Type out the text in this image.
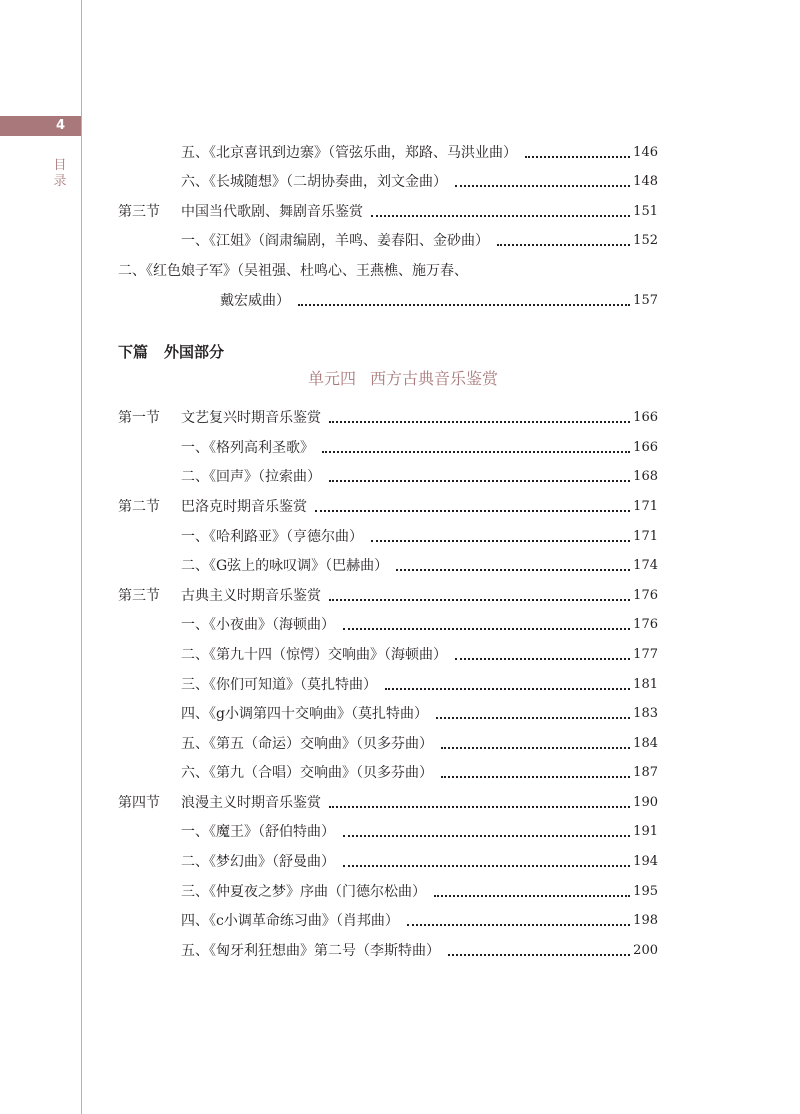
4
目
录
五、《北京喜讯到边寨》（管弦乐曲，郑路、马洪业曲）	146
六、《长城随想》（二胡协奏曲，刘文金曲）	148
第三节	中国当代歌剧、舞剧音乐鉴赏	151
一、《江姐》（阎肃编剧，羊鸣、姜春阳、金砂曲）	152
二、《红色娘子军》（吴祖强、杜鸣心、王燕樵、施万春、
戴宏威曲）	157
下篇 外国部分
单元四 西方古典音乐鉴赏
第一节	文艺复兴时期音乐鉴赏	166
一、《格列高利圣歌》	166
二、《回声》（拉索曲）	168
第二节	巴洛克时期音乐鉴赏	171
一、《哈利路亚》（亨德尔曲）	171
二、《G弦上的咏叹调》（巴赫曲）	174
第三节	古典主义时期音乐鉴赏	176
一、《小夜曲》（海顿曲）	176
二、《第九十四（惊愕）交响曲》（海顿曲）	177
三、《你们可知道》（莫扎特曲）	181
四、《g小调第四十交响曲》（莫扎特曲）	183
五、《第五（命运）交响曲》（贝多芬曲）	184
六、《第九（合唱）交响曲》（贝多芬曲）	187
第四节	浪漫主义时期音乐鉴赏	190
一、《魔王》（舒伯特曲）	191
二、《梦幻曲》（舒曼曲）	194
三、《仲夏夜之梦》序曲（门德尔松曲）	195
四、《c小调革命练习曲》（肖邦曲）	198
五、《匈牙利狂想曲》第二号（李斯特曲）	200
